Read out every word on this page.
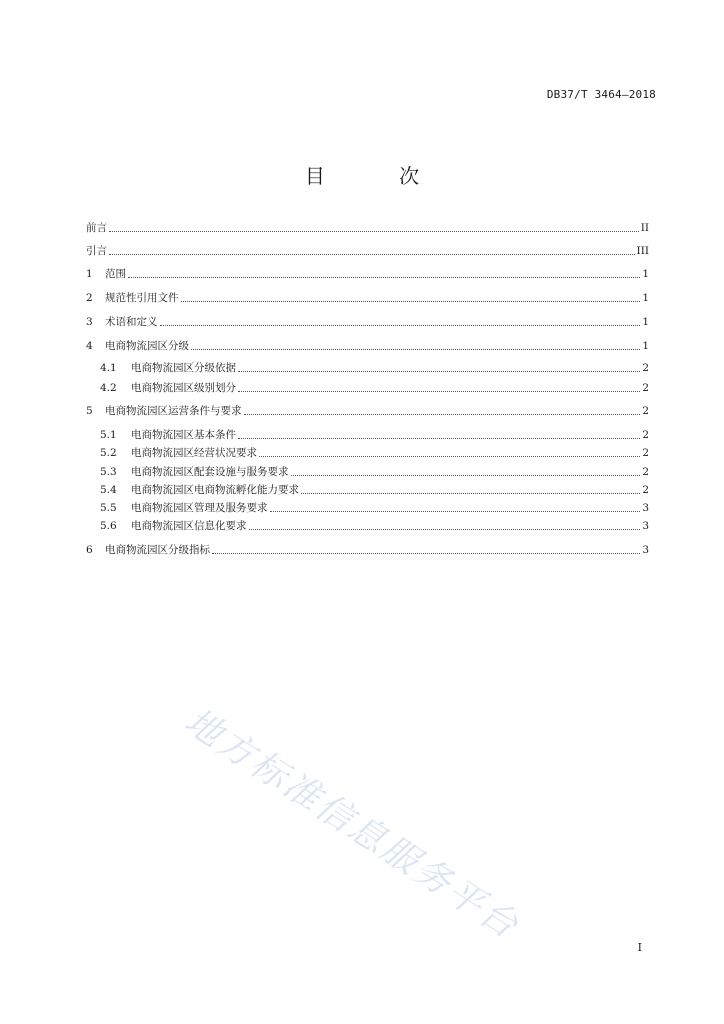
DB37/T 3464—2018
目 次
前言	II
引言	III
1	范围	1
2	规范性引用文件	1
3	术语和定义	1
4	电商物流园区分级	1
4.1	电商物流园区分级依据	2
4.2	电商物流园区级别划分	2
5	电商物流园区运营条件与要求	2
5.1	电商物流园区基本条件	2
5.2	电商物流园区经营状况要求	2
5.3	电商物流园区配套设施与服务要求	2
5.4	电商物流园区电商物流孵化能力要求	2
5.5	电商物流园区管理及服务要求	3
5.6	电商物流园区信息化要求	3
6	电商物流园区分级指标	3
地方标准信息服务平台	I
